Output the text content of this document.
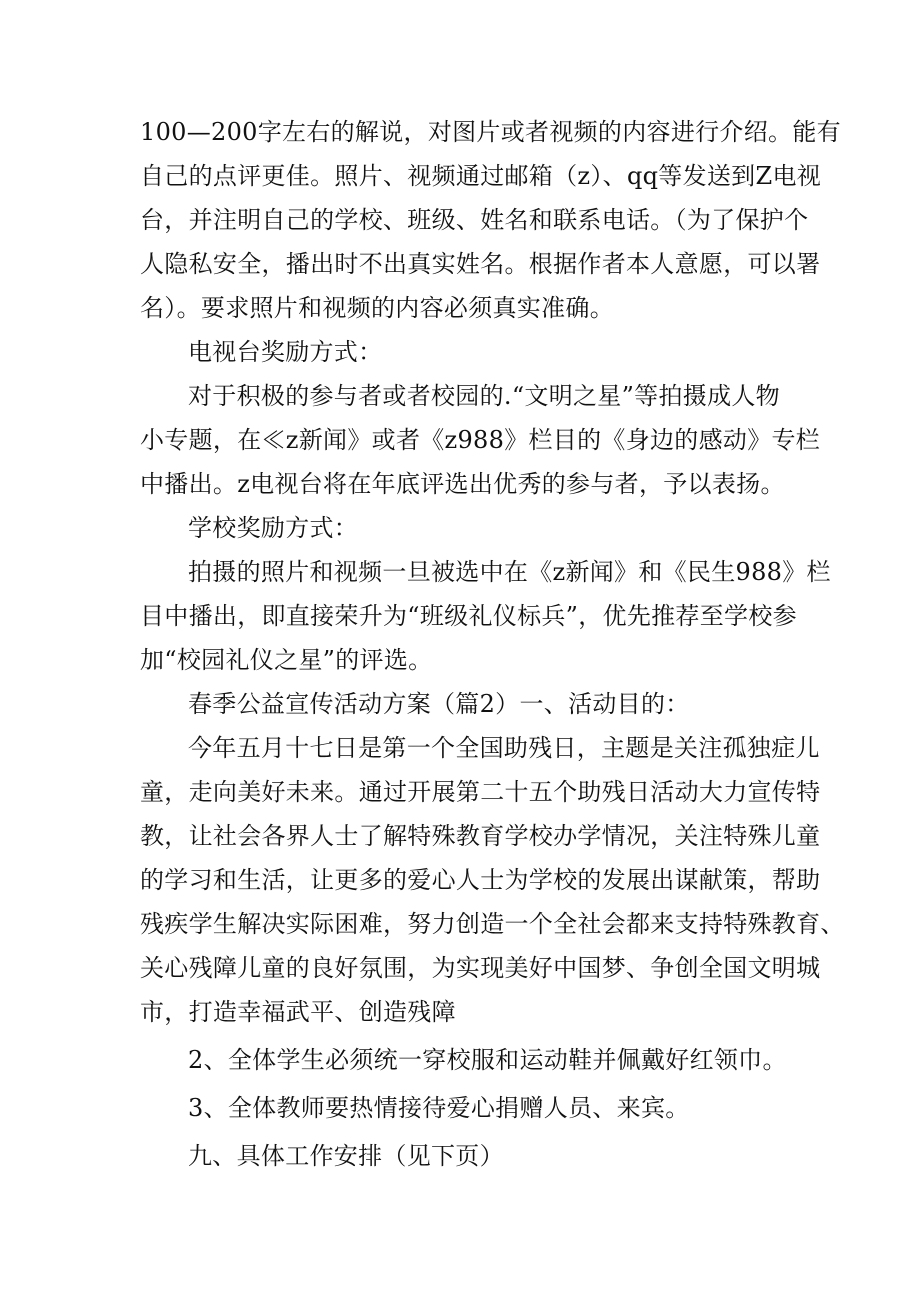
100—200字左右的解说，对图片或者视频的内容进行介绍。能有
自己的点评更佳。照片、视频通过邮箱（z）、qq等发送到Z电视
台，并注明自己的学校、班级、姓名和联系电话。（为了保护个
人隐私安全，播出时不出真实姓名。根据作者本人意愿，可以署
名）。要求照片和视频的内容必须真实准确。
电视台奖励方式：
对于积极的参与者或者校园的.“文明之星”等拍摄成人物
小专题，在≪z新闻》或者《z988》栏目的《身边的感动》专栏
中播出。z电视台将在年底评选出优秀的参与者，予以表扬。
学校奖励方式：
拍摄的照片和视频一旦被选中在《z新闻》和《民生988》栏
目中播出，即直接荣升为“班级礼仪标兵”，优先推荐至学校参
加“校园礼仪之星”的评选。
春季公益宣传活动方案（篇2）一、活动目的：
今年五月十七日是第一个全国助残日，主题是关注孤独症儿
童，走向美好未来。通过开展第二十五个助残日活动大力宣传特
教，让社会各界人士了解特殊教育学校办学情况，关注特殊儿童
的学习和生活，让更多的爱心人士为学校的发展出谋献策，帮助
残疾学生解决实际困难，努力创造一个全社会都来支持特殊教育、
关心残障儿童的良好氛围，为实现美好中国梦、争创全国文明城
市，打造幸福武平、创造残障
2、全体学生必须统一穿校服和运动鞋并佩戴好红领巾。
3、全体教师要热情接待爱心捐赠人员、来宾。
九、具体工作安排（见下页）
